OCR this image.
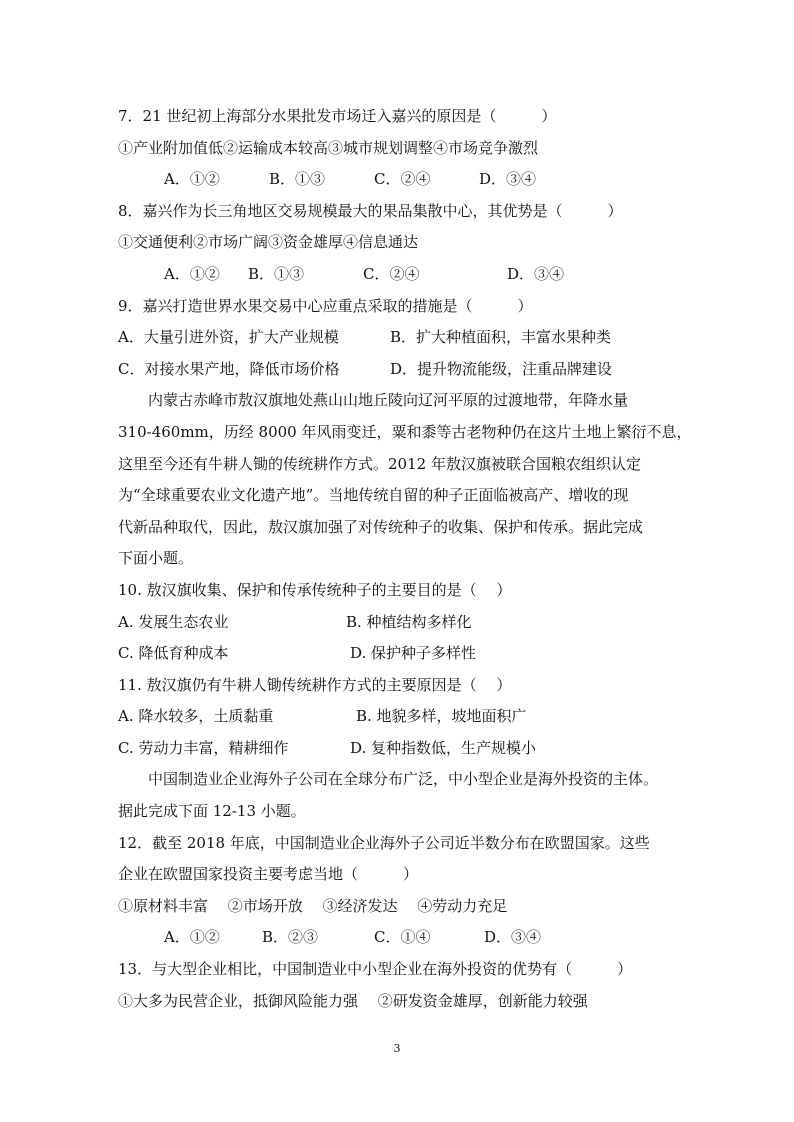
7．21 世纪初上海部分水果批发市场迁入嘉兴的原因是（　　　）
①产业附加值低②运输成本较高③城市规划调整④市场竞争激烈
A．①②	B．①③	C．②④	D．③④
8．嘉兴作为长三角地区交易规模最大的果品集散中心，其优势是（　　　）
①交通便利②市场广阔③资金雄厚④信息通达
A．①②	B．①③	C．②④	D．③④
9．嘉兴打造世界水果交易中心应重点采取的措施是（　　　）
A．大量引进外资，扩大产业规模	B．扩大种植面积，丰富水果种类
C．对接水果产地，降低市场价格	D．提升物流能级，注重品牌建设
内蒙古赤峰市敖汉旗地处燕山山地丘陵向辽河平原的过渡地带，年降水量
310-460mm，历经 8000 年风雨变迁，粟和黍等古老物种仍在这片土地上繁衍不息，
这里至今还有牛耕人锄的传统耕作方式。2012 年敖汉旗被联合国粮农组织认定
为“全球重要农业文化遗产地”。当地传统自留的种子正面临被高产、增收的现
代新品种取代，因此，敖汉旗加强了对传统种子的收集、保护和传承。据此完成
下面小题。
10. 敖汉旗收集、保护和传承传统种子的主要目的是（　 ）
A. 发展生态农业	B. 种植结构多样化
C. 降低育种成本	D. 保护种子多样性
11. 敖汉旗仍有牛耕人锄传统耕作方式的主要原因是（　 ）
A. 降水较多，土质黏重	B. 地貌多样，坡地面积广
C. 劳动力丰富，精耕细作	D. 复种指数低，生产规模小
中国制造业企业海外子公司在全球分布广泛，中小型企业是海外投资的主体。
据此完成下面 12-13 小题。
12．截至 2018 年底，中国制造业企业海外子公司近半数分布在欧盟国家。这些
企业在欧盟国家投资主要考虑当地（　　　）
①原材料丰富　 ②市场开放　 ③经济发达　 ④劳动力充足
A．①②	B．②③	C．①④	D．③④
13．与大型企业相比，中国制造业中小型企业在海外投资的优势有（　　　）
①大多为民营企业，抵御风险能力强　 ②研发资金雄厚，创新能力较强
3
